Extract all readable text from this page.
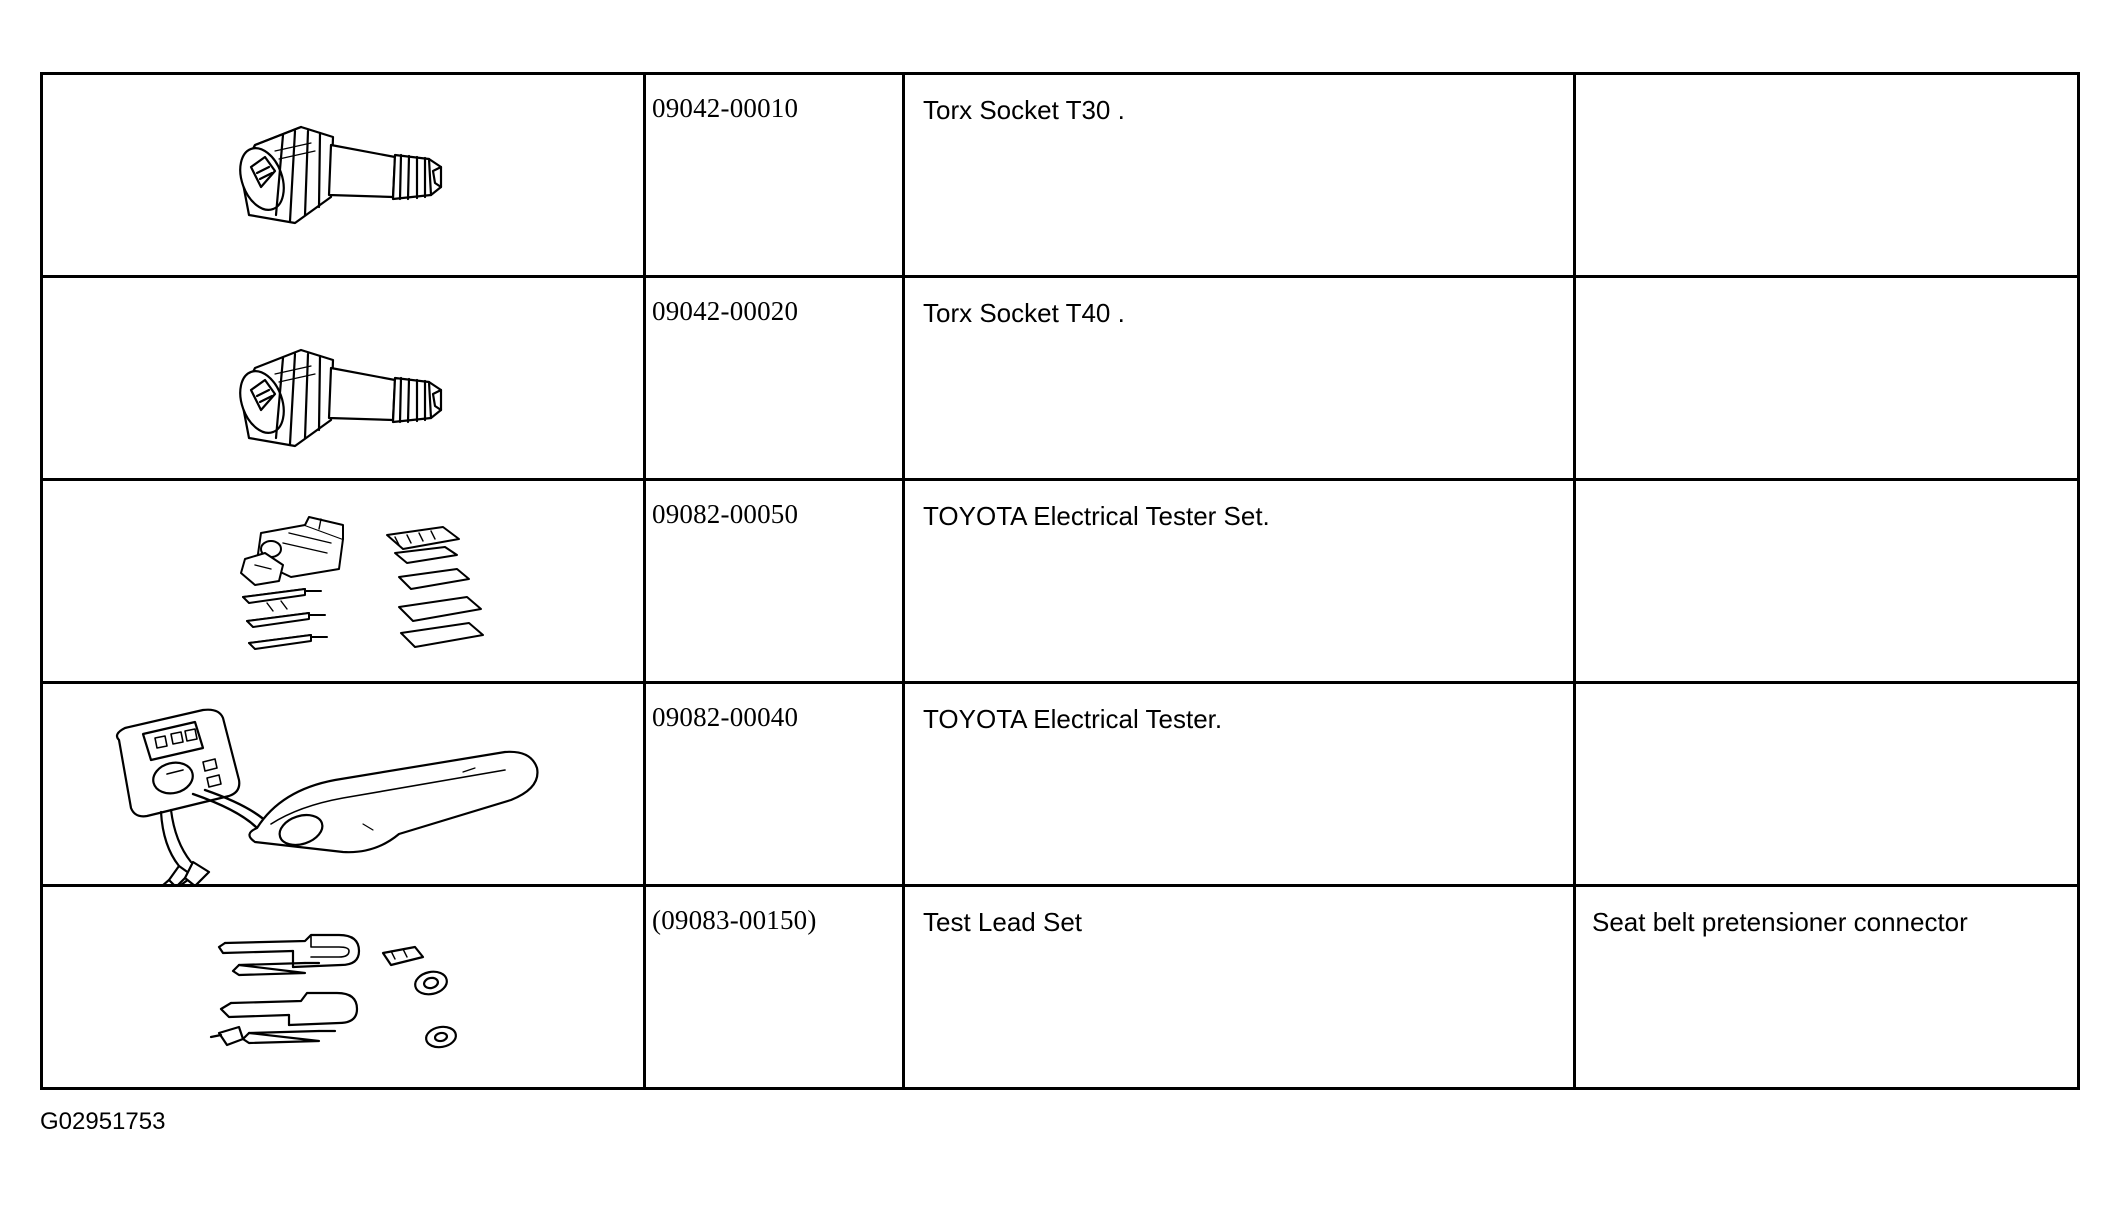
	09042-00010	Torx Socket T30 .	

	09042-00020	Torx Socket T40 .	

	09082-00050	TOYOTA Electrical Tester Set.	

	09082-00040	TOYOTA Electrical Tester.	

	(09083-00150)	Test Lead Set	Seat belt pretensioner connector
G02951753
